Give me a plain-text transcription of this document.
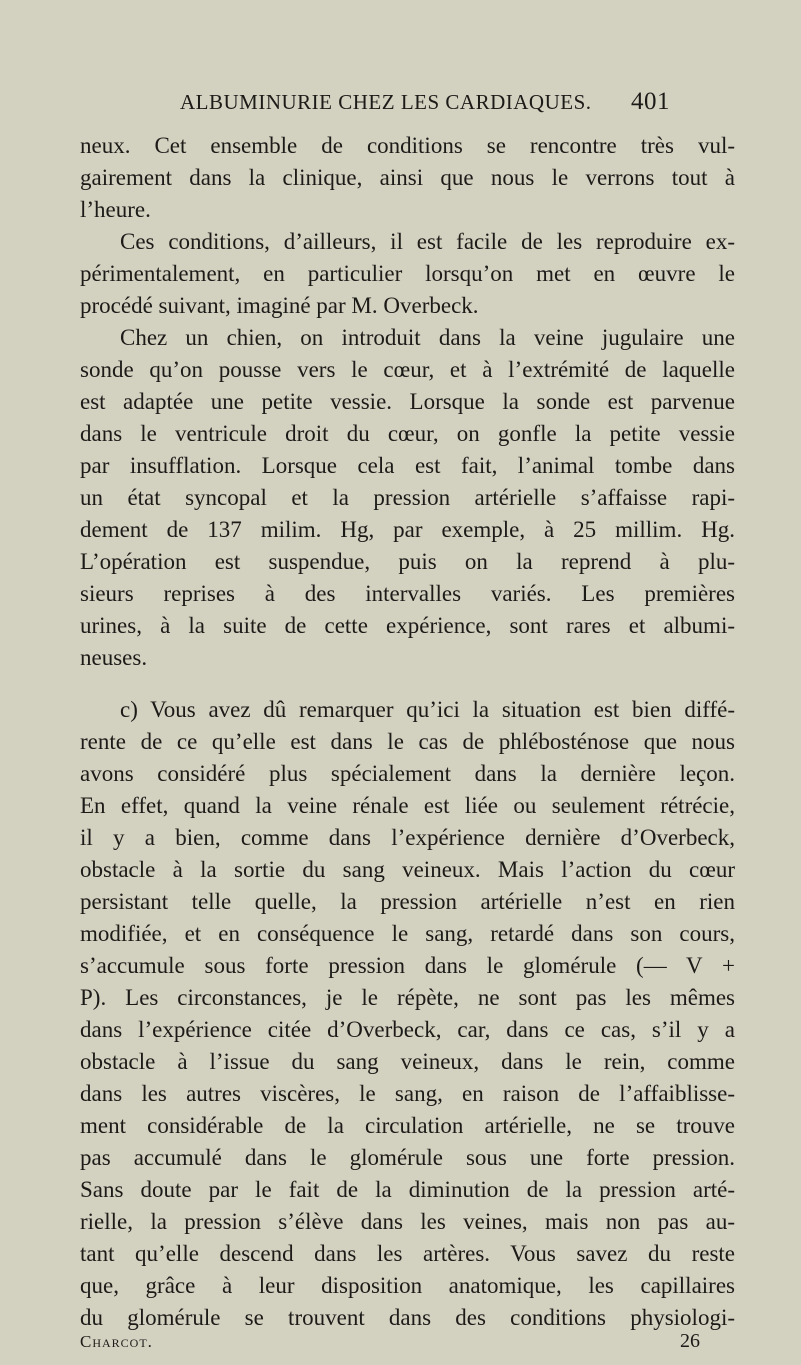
ALBUMINURIE CHEZ LES CARDIAQUES. 401
neux. Cet ensemble de conditions se rencontre très vul-
gairement dans la clinique, ainsi que nous le verrons tout à
l’heure.
Ces conditions, d’ailleurs, il est facile de les reproduire ex-
périmentalement, en particulier lorsqu’on met en œuvre le
procédé suivant, imaginé par M. Overbeck.
Chez un chien, on introduit dans la veine jugulaire une
sonde qu’on pousse vers le cœur, et à l’extrémité de laquelle
est adaptée une petite vessie. Lorsque la sonde est parvenue
dans le ventricule droit du cœur, on gonfle la petite vessie
par insufflation. Lorsque cela est fait, l’animal tombe dans
un état syncopal et la pression artérielle s’affaisse rapi-
dement de 137 milim. Hg, par exemple, à 25 millim. Hg.
L’opération est suspendue, puis on la reprend à plu-
sieurs reprises à des intervalles variés. Les premières
urines, à la suite de cette expérience, sont rares et albumi-
neuses.
c) Vous avez dû remarquer qu’ici la situation est bien diffé-
rente de ce qu’elle est dans le cas de phlébosténose que nous
avons considéré plus spécialement dans la dernière leçon.
En effet, quand la veine rénale est liée ou seulement rétrécie,
il y a bien, comme dans l’expérience dernière d’Overbeck,
obstacle à la sortie du sang veineux. Mais l’action du cœur
persistant telle quelle, la pression artérielle n’est en rien
modifiée, et en conséquence le sang, retardé dans son cours,
s’accumule sous forte pression dans le glomérule (— V +
P). Les circonstances, je le répète, ne sont pas les mêmes
dans l’expérience citée d’Overbeck, car, dans ce cas, s’il y a
obstacle à l’issue du sang veineux, dans le rein, comme
dans les autres viscères, le sang, en raison de l’affaiblisse-
ment considérable de la circulation artérielle, ne se trouve
pas accumulé dans le glomérule sous une forte pression.
Sans doute par le fait de la diminution de la pression arté-
rielle, la pression s’élève dans les veines, mais non pas au-
tant qu’elle descend dans les artères. Vous savez du reste
que, grâce à leur disposition anatomique, les capillaires
du glomérule se trouvent dans des conditions physiologi-
Charcot.	26
